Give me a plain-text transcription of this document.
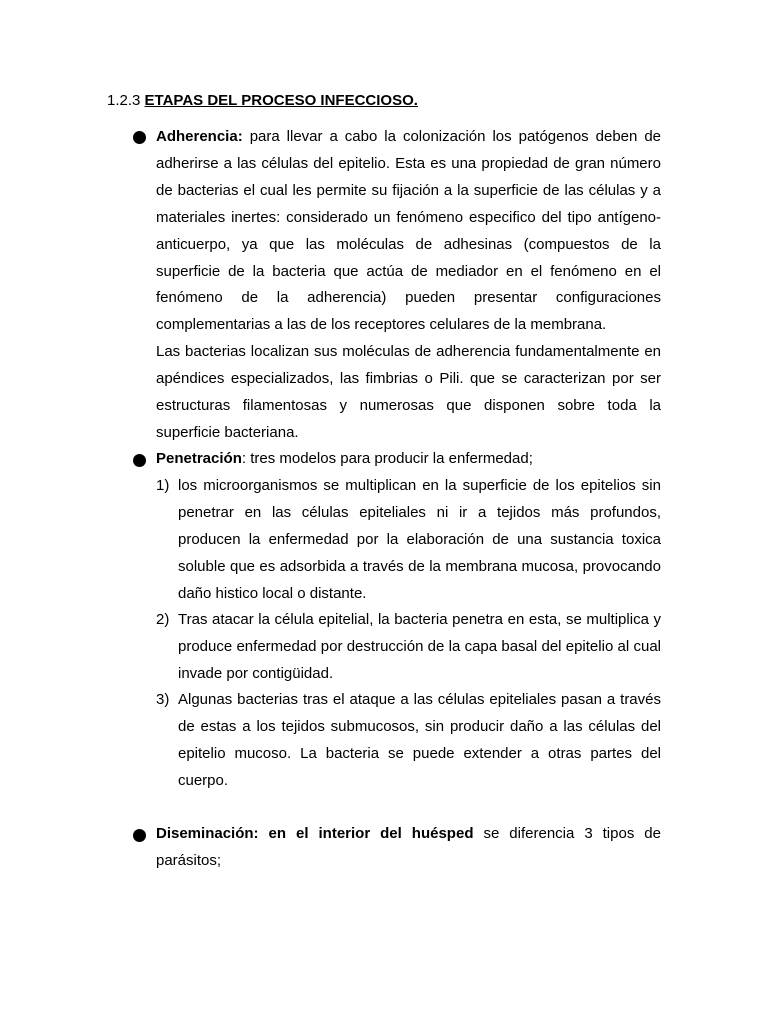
1.2.3 ETAPAS DEL PROCESO INFECCIOSO.

Adherencia: para llevar a cabo la colonización los patógenos deben de adherirse a las células del epitelio. Esta es una propiedad de gran número de bacterias el cual les permite su fijación a la superficie de las células y a materiales inertes: considerado un fenómeno especifico del tipo antígeno-anticuerpo, ya que las moléculas de adhesinas (compuestos de la superficie de la bacteria que actúa de mediador en el fenómeno en el fenómeno de la adherencia) pueden presentar configuraciones complementarias a las de los receptores celulares de la membrana.

Las bacterias localizan sus moléculas de adherencia fundamentalmente en apéndices especializados, las fimbrias o Pili. que se caracterizan por ser estructuras filamentosas y numerosas que disponen sobre toda la superficie bacteriana.

Penetración: tres modelos para producir la enfermedad;

1) los microorganismos se multiplican en la superficie de los epitelios sin penetrar en las células epiteliales ni ir a tejidos más profundos, producen la enfermedad por la elaboración de una sustancia toxica soluble que es adsorbida a través de la membrana mucosa, provocando daño histico local o distante.
2) Tras atacar la célula epitelial, la bacteria penetra en esta, se multiplica y produce enfermedad por destrucción de la capa basal del epitelio al cual invade por contigüidad.
3) Algunas bacterias tras el ataque a las células epiteliales pasan a través de estas a los tejidos submucosos, sin producir daño a las células del epitelio mucoso. La bacteria se puede extender a otras partes del cuerpo.

Diseminación: en el interior del huésped se diferencia 3 tipos de parásitos;
